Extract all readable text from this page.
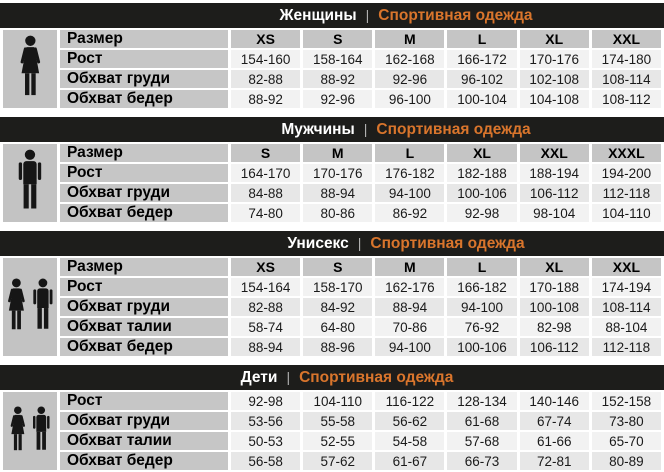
Женщины | Спортивная одежда
	Размер	XS	S	M	L	XL	XXL
	Рост	154-160	158-164	162-168	166-172	170-176	174-180
	Обхват груди	82-88	88-92	92-96	96-102	102-108	108-114
	Обхват бедер	88-92	92-96	96-100	100-104	104-108	108-112
Мужчины | Спортивная одежда
	Размер	S	M	L	XL	XXL	XXXL
	Рост	164-170	170-176	176-182	182-188	188-194	194-200
	Обхват груди	84-88	88-94	94-100	100-106	106-112	112-118
	Обхват бедер	74-80	80-86	86-92	92-98	98-104	104-110
Унисекс | Спортивная одежда
	Размер	XS	S	M	L	XL	XXL
	Рост	154-164	158-170	162-176	166-182	170-188	174-194
	Обхват груди	82-88	84-92	88-94	94-100	100-108	108-114
	Обхват талии	58-74	64-80	70-86	76-92	82-98	88-104
	Обхват бедер	88-94	88-96	94-100	100-106	106-112	112-118
Дети | Спортивная одежда
	Рост	92-98	104-110	116-122	128-134	140-146	152-158
	Обхват груди	53-56	55-58	56-62	61-68	67-74	73-80
	Обхват талии	50-53	52-55	54-58	57-68	61-66	65-70
	Обхват бедер	56-58	57-62	61-67	66-73	72-81	80-89
